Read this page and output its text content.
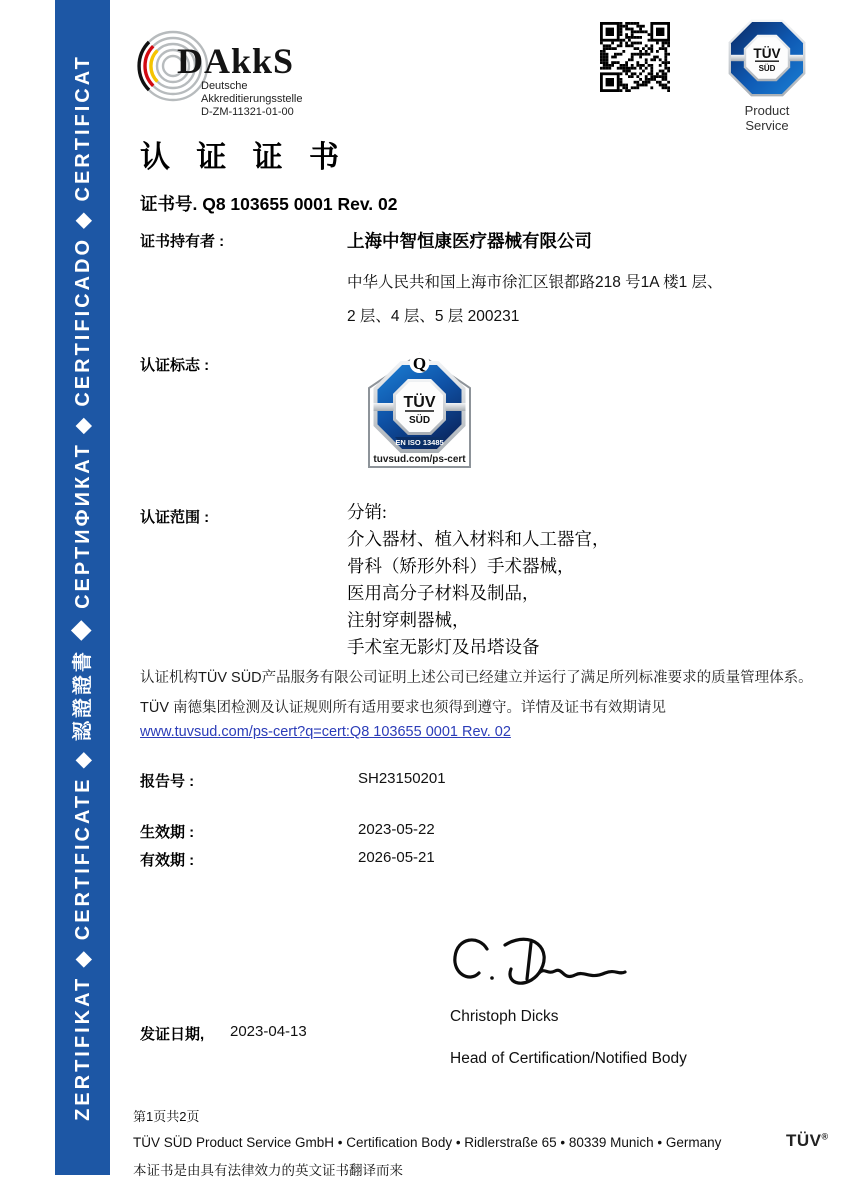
ZERTIFIKAT ◆ CERTIFICATE ◆ 認證證書 ◆ СЕРТИФИКАТ ◆ CERTIFICADO ◆ CERTIFICAT	DAkkS
Deutsche
Akkreditierungsstelle
D-ZM-11321-01-00
TÜV
SÜD
Product Service
认 证 证 书
证书号. Q8 103655 0001 Rev. 02
证书持有者 :	上海中智恒康医疗器械有限公司
中华人民共和国上海市徐汇区银都路218 号1A 楼1 层、
2 层、4 层、5 层 200231
认证标志 :
TÜV
SÜD
EN ISO 13485
Q
tuvsud.com/ps-cert
认证范围 :	分销:
介入器材、植入材料和人工器官，
骨科（矫形外科）手术器械，
医用高分子材料及制品，
注射穿刺器械，
手术室无影灯及吊塔设备
认证机构TÜV SÜD产品服务有限公司证明上述公司已经建立并运行了满足所列标准要求的质量管理体系。
TÜV 南德集团检测及认证规则所有适用要求也须得到遵守。详情及证书有效期请见
www.tuvsud.com/ps-cert?q=cert:Q8 103655 0001 Rev. 02
报告号 :	SH23150201
生效期 :	2023-05-22
有效期 :	2026-05-21
Christoph Dicks
Head of Certification/Notified Body
发证日期, 2023-04-13
第1页共2页
TÜV SÜD Product Service GmbH • Certification Body • Ridlerstraße 65 • 80339 Munich • Germany
本证书是由具有法律效力的英文证书翻译而来
TÜV®
